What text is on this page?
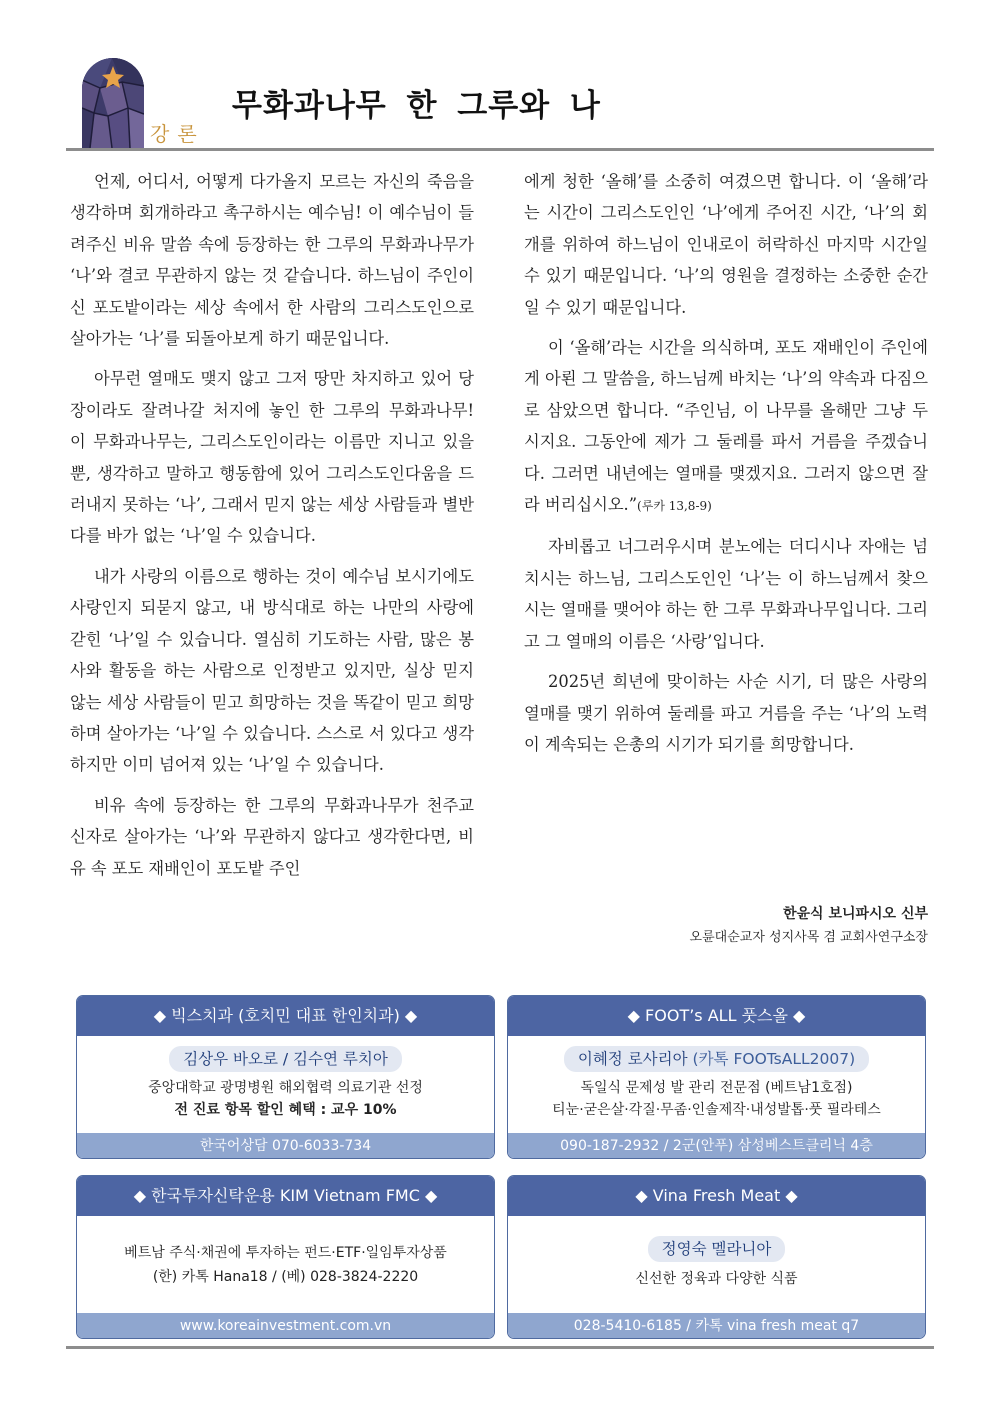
강론
무화과나무 한 그루와 나

언제, 어디서, 어떻게 다가올지 모르는 자신의 죽음을 생각하며 회개하라고 촉구하시는 예수님! 이 예수님이 들려주신 비유 말씀 속에 등장하는 한 그루의 무화과나무가 ‘나’와 결코 무관하지 않는 것 같습니다. 하느님이 주인이신 포도밭이라는 세상 속에서 한 사람의 그리스도인으로 살아가는 ‘나’를 되돌아보게 하기 때문입니다.

아무런 열매도 맺지 않고 그저 땅만 차지하고 있어 당장이라도 잘려나갈 처지에 놓인 한 그루의 무화과나무! 이 무화과나무는, 그리스도인이라는 이름만 지니고 있을 뿐, 생각하고 말하고 행동함에 있어 그리스도인다움을 드러내지 못하는 ‘나’, 그래서 믿지 않는 세상 사람들과 별반 다를 바가 없는 ‘나’일 수 있습니다.

내가 사랑의 이름으로 행하는 것이 예수님 보시기에도 사랑인지 되묻지 않고, 내 방식대로 하는 나만의 사랑에 갇힌 ‘나’일 수 있습니다. 열심히 기도하는 사람, 많은 봉사와 활동을 하는 사람으로 인정받고 있지만, 실상 믿지 않는 세상 사람들이 믿고 희망하는 것을 똑같이 믿고 희망하며 살아가는 ‘나’일 수 있습니다. 스스로 서 있다고 생각하지만 이미 넘어져 있는 ‘나’일 수 있습니다.

비유 속에 등장하는 한 그루의 무화과나무가 천주교 신자로 살아가는 ‘나’와 무관하지 않다고 생각한다면, 비유 속 포도 재배인이 포도밭 주인

에게 청한 ‘올해’를 소중히 여겼으면 합니다. 이 ‘올해’라는 시간이 그리스도인인 ‘나’에게 주어진 시간, ‘나’의 회개를 위하여 하느님이 인내로이 허락하신 마지막 시간일 수 있기 때문입니다. ‘나’의 영원을 결정하는 소중한 순간일 수 있기 때문입니다.

이 ‘올해’라는 시간을 의식하며, 포도 재배인이 주인에게 아뢴 그 말씀을, 하느님께 바치는 ‘나’의 약속과 다짐으로 삼았으면 합니다. “주인님, 이 나무를 올해만 그냥 두시지요. 그동안에 제가 그 둘레를 파서 거름을 주겠습니다. 그러면 내년에는 열매를 맺겠지요. 그러지 않으면 잘라 버리십시오.”(루카 13,8-9)

자비롭고 너그러우시며 분노에는 더디시나 자애는 넘치시는 하느님, 그리스도인인 ‘나’는 이 하느님께서 찾으시는 열매를 맺어야 하는 한 그루 무화과나무입니다. 그리고 그 열매의 이름은 ‘사랑’입니다.

2025년 희년에 맞이하는 사순 시기, 더 많은 사랑의 열매를 맺기 위하여 둘레를 파고 거름을 주는 ‘나’의 노력이 계속되는 은총의 시기가 되기를 희망합니다.

한윤식 보니파시오 신부
오륜대순교자 성지사목 겸 교회사연구소장
◆ 빅스치과 (호치민 대표 한인치과) ◆
김상우 바오로 / 김수연 루치아
중앙대학교 광명병원 해외협력 의료기관 선정
전 진료 항목 할인 혜택 : 교우 10%
한국어상담 070-6033-734
◆ FOOT’s ALL 풋스올 ◆
이혜정 로사리아 (카톡 FOOTsALL2007)
독일식 문제성 발 관리 전문점 (베트남1호점)
티눈·굳은살·각질·무좀·인솔제작·내성발톱·풋 필라테스
090-187-2932 / 2군(안푸) 삼성베스트클리닉 4층
◆ 한국투자신탁운용 KIM Vietnam FMC ◆
베트남 주식·채권에 투자하는 펀드·ETF·일임투자상품
(한) 카톡 Hana18 / (베) 028-3824-2220
www.koreainvestment.com.vn
◆ Vina Fresh Meat ◆
정영숙 멜라니아
신선한 정육과 다양한 식품
028-5410-6185 / 카톡 vina fresh meat q7
